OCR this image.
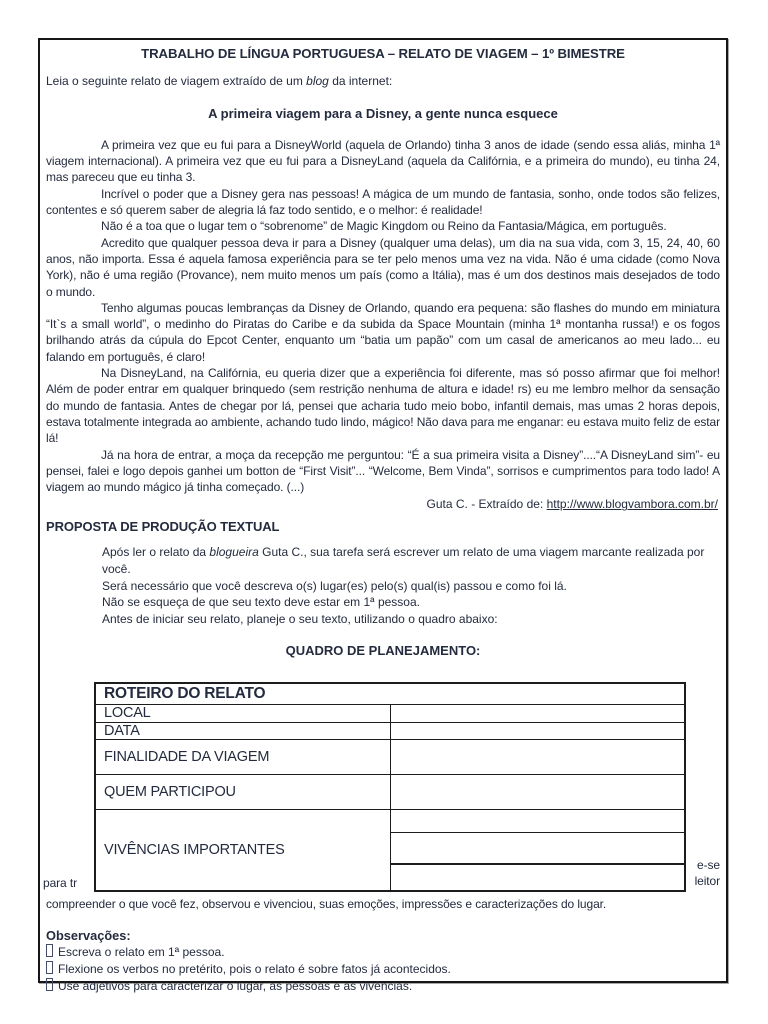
TRABALHO DE LÍNGUA PORTUGUESA – RELATO DE VIAGEM – 1º BIMESTRE
Leia o seguinte relato de viagem extraído de um blog da internet:
A primeira viagem para a Disney, a gente nunca esquece

A primeira vez que eu fui para a DisneyWorld (aquela de Orlando) tinha 3 anos de idade (sendo essa aliás, minha 1ª viagem internacional). A primeira vez que eu fui para a DisneyLand (aquela da Califórnia, e a primeira do mundo), eu tinha 24, mas pareceu que eu tinha 3.

Incrível o poder que a Disney gera nas pessoas! A mágica de um mundo de fantasia, sonho, onde todos são felizes, contentes e só querem saber de alegria lá faz todo sentido, e o melhor: é realidade!

Não é a toa que o lugar tem o “sobrenome” de Magic Kingdom ou Reino da Fantasia/Mágica, em português.

Acredito que qualquer pessoa deva ir para a Disney (qualquer uma delas), um dia na sua vida, com 3, 15, 24, 40, 60 anos, não importa. Essa é aquela famosa experiência para se ter pelo menos uma vez na vida. Não é uma cidade (como Nova York), não é uma região (Provance), nem muito menos um país (como a Itália), mas é um dos destinos mais desejados de todo o mundo.

Tenho algumas poucas lembranças da Disney de Orlando, quando era pequena: são flashes do mundo em miniatura “It`s a small world”, o medinho do Piratas do Caribe e da subida da Space Mountain (minha 1ª montanha russa!) e os fogos brilhando atrás da cúpula do Epcot Center, enquanto um “batia um papão” com um casal de americanos ao meu lado... eu falando em português, é claro!

Na DisneyLand, na Califórnia, eu queria dizer que a experiência foi diferente, mas só posso afirmar que foi melhor! Além de poder entrar em qualquer brinquedo (sem restrição nenhuma de altura e idade! rs) eu me lembro melhor da sensação do mundo de fantasia. Antes de chegar por lá, pensei que acharia tudo meio bobo, infantil demais, mas umas 2 horas depois, estava totalmente integrada ao ambiente, achando tudo lindo, mágico! Não dava para me enganar: eu estava muito feliz de estar lá!

Já na hora de entrar, a moça da recepção me perguntou: “É a sua primeira visita a Disney”....“A DisneyLand sim”- eu pensei, falei e logo depois ganhei um botton de “First Visit”... “Welcome, Bem Vinda”, sorrisos e cumprimentos para todo lado! A viagem ao mundo mágico já tinha começado. (...)

Guta C. - Extraído de: http://www.blogvambora.com.br/
PROPOSTA DE PRODUÇÃO TEXTUAL
Após ler o relato da blogueira Guta C., sua tarefa será escrever um relato de uma viagem marcante realizada por você.
Será necessário que você descreva o(s) lugar(es) pelo(s) qual(is) passou e como foi lá.
Não se esqueça de que seu texto deve estar em 1ª pessoa.
Antes de iniciar seu relato, planeje o seu texto, utilizando o quadro abaixo:
QUADRO DE PLANEJAMENTO:
e-se
leitor
para tr
ROTEIRO DO RELATO	
LOCAL	
DATA	
FINALIDADE DA VIAGEM	
QUEM PARTICIPOU	
VIVÊNCIAS IMPORTANTES	

compreender o que você fez, observou e vivenciou, suas emoções, impressões e caracterizações do lugar.
Observações:
Escreva o relato em 1ª pessoa.
Flexione os verbos no pretérito, pois o relato é sobre fatos já acontecidos.
Use adjetivos para caracterizar o lugar, as pessoas e as vivências.
